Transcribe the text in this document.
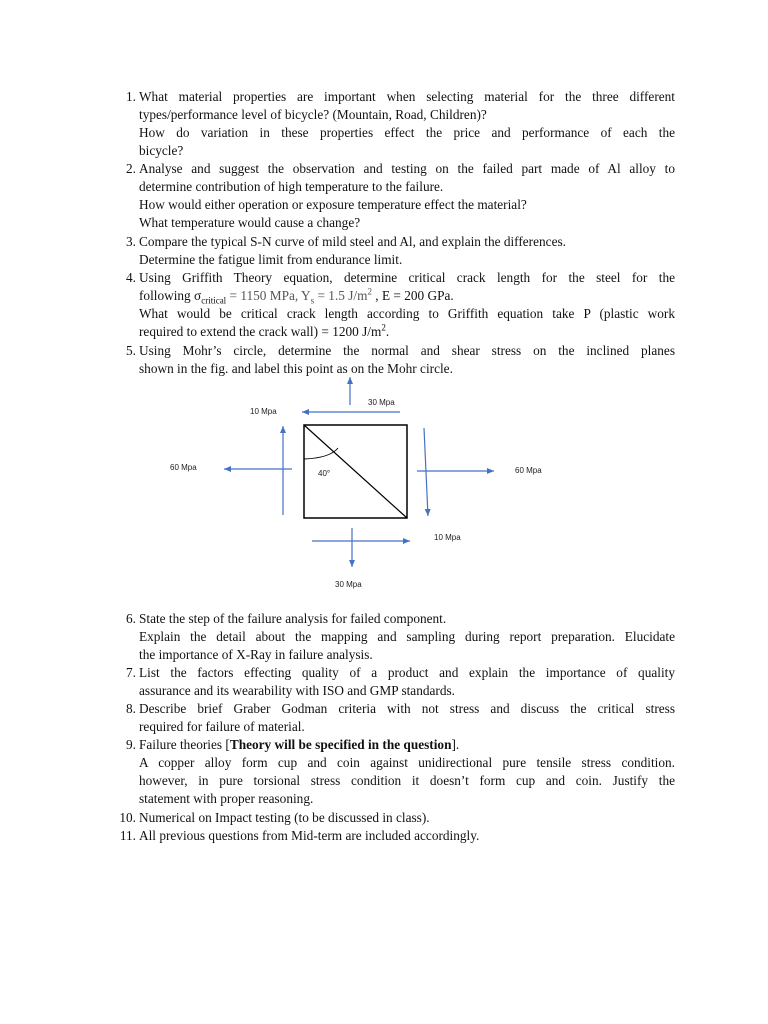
1. What material properties are important when selecting material for the three different
types/performance level of bicycle? (Mountain, Road, Children)?
How do variation in these properties effect the price and performance of each the
bicycle?
2. Analyse and suggest the observation and testing on the failed part made of Al alloy to
determine contribution of high temperature to the failure.
How would either operation or exposure temperature effect the material?
What temperature would cause a change?
3. Compare the typical S-N curve of mild steel and Al, and explain the differences.
Determine the fatigue limit from endurance limit.
4. Using Griffith Theory equation, determine critical crack length for the steel for the
following $\sigma_{critical} = 1150$ MPa, $Y_s = 1.5$ $J/m^2$ , E = 200 GPa.
What would be critical crack length according to Griffith equation take P (plastic work
required to extend the crack wall) = 1200 $J/m^2$.
5. Using Mohr’s circle, determine the normal and shear stress on the inclined planes
shown in the fig. and label this point as on the Mohr circle.
10 Mpa
30 Mpa
60 Mpa	60 Mpa
40°
10 Mpa
30 Mpa
6. State the step of the failure analysis for failed component.
Explain the detail about the mapping and sampling during report preparation. Elucidate
the importance of X-Ray in failure analysis.
7. List the factors effecting quality of a product and explain the importance of quality
assurance and its wearability with ISO and GMP standards.
8. Describe brief Graber Godman criteria with not stress and discuss the critical stress
required for failure of material.
9. Failure theories [Theory will be specified in the question].
A copper alloy form cup and coin against unidirectional pure tensile stress condition.
however, in pure torsional stress condition it doesn’t form cup and coin. Justify the
statement with proper reasoning.
10. Numerical on Impact testing (to be discussed in class).
11. All previous questions from Mid-term are included accordingly.
